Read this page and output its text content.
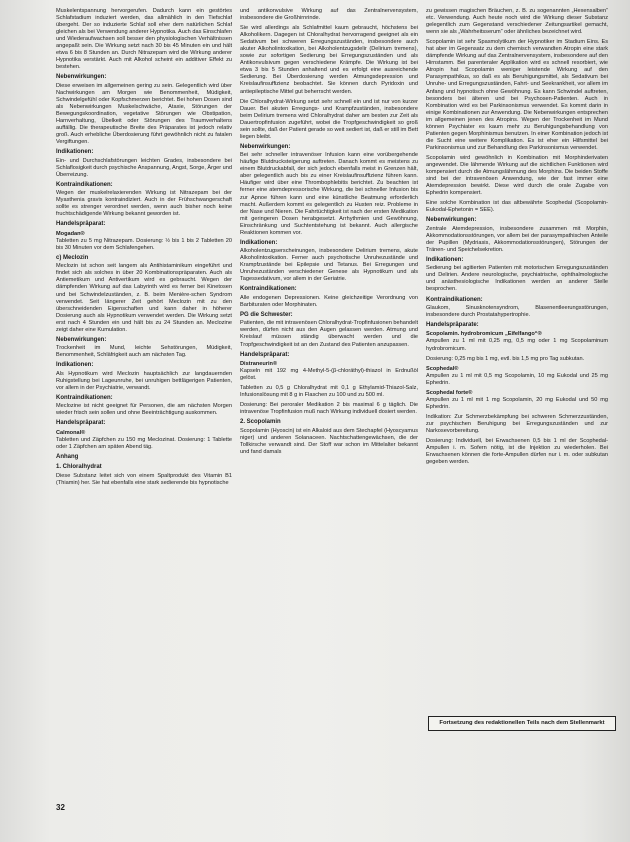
Muskelentspannung hervorgerufen. Dadurch kann ein gestörtes Schlafstadium induziert werden, das allmählich in den Tiefschlaf übergeht. Der so induzierte Schlaf soll eher dem natürlichen Schlaf gleichen als bei Verwendung anderer Hypnotika. Auch das Einschlafen und Wiederaufwachsen soll besser den physiologischen Verhältnissen angepaßt sein. Die Wirkung setzt nach 30 bis 45 Minuten ein und hält etwa 6 bis 8 Stunden an. Durch Nitrazepam wird die Wirkung anderer Hypnotika verstärkt. Auch mit Alkohol scheint ein additiver Effekt zu bestehen.

Nebenwirkungen:

Diese erweisen im allgemeinen gering zu sein. Gelegentlich wird über Nachwirkungen am Morgen wie Benommenheit, Müdigkeit, Schwindelgefühl oder Kopfschmerzen berichtet. Bei hohen Dosen sind als Nebenwirkungen Muskelschwäche, Ataxie, Störungen der Bewegungskoordination, vegetative Störungen wie Obstipation, Harnverhaltung, Übelkeit oder Störungen des Traumverhaltens auffällig. Die therapeutische Breite des Präparates ist jedoch relativ groß. Auch erhebliche Überdosierung führt gewöhnlich nicht zu fatalen Vergiftungen.

Indikationen:

Ein- und Durchschlafstörungen leichten Grades, insbesondere bei Schlaflosigkeit durch psychische Anspannung, Angst, Sorge, Ärger und Überreizung.

Kontraindikationen:

Wegen der muskelrelaxierenden Wirkung ist Nitrazepam bei der Myasthenia gravis kontraindiziert. Auch in der Frühschwangerschaft sollte es strenger verordnet werden, wenn auch bisher noch keine fruchtschädigende Wirkung bekannt geworden ist.

Handelspräparat:
Mogadan®

Tabletten zu 5 mg Nitrazepam. Dosierung: ½ bis 1 bis 2 Tabletten 20 bis 30 Minuten vor dem Schlafengehen.

c) Meclozin

Meclozin ist schon seit langem als Antihistaminikum eingeführt und findet sich als solches in über 20 Kombinationspräparaten. Auch als Antiemetikum und Antivertikum wird es gebraucht. Wegen der dämpfenden Wirkung auf das Labyrinth wird es ferner bei Kinetosen und bei Schwindelzuständen, z. B. beim Menière-schen Syndrom verwendet. Seit längerer Zeit gehört Meclozin mit zu den überschneidenden Eigenschaften und kann daher in höherer Dosierung auch als Hypnotikum verwendet werden. Die Wirkung setzt erst nach 4 Stunden ein und hält bis zu 24 Stunden an. Meclozine zeigt daher eine Kumulation.

Nebenwirkungen:

Trockenheit im Mund, leichte Sehstörungen, Müdigkeit, Benommenheit, Schläfrigkeit auch am nächsten Tag.

Indikationen:

Als Hypnotikum wird Meclozin hauptsächlich zur langdauernden Ruhigstellung bei Lageunruhe, bei unruhigen bettlägerigen Patienten, vor allem in der Psychiatrie, verwandt.

Kontraindikationen:

Meclozine ist nicht geeignet für Personen, die am nächsten Morgen wieder frisch sein sollen und ohne Beeinträchtigung auskommen.

Handelspräparat:
Calmonal®

Tabletten und Zäpfchen zu 150 mg Meclozinat. Dosierung: 1 Tablette oder 1 Zäpfchen am späten Abend täg.

Anhang
1. Chloralhydrat

Diese Substanz leitet sich von einem Spaltprodukt des Vitamin B1 (Thiamin) her. Sie hat ebenfalls eine stark sedierende bis hypnotische

und antikonvulsive Wirkung auf das Zentralnervensystem, insbesondere die Großhirnrinde.

Sie wird allerdings als Schlafmittel kaum gebraucht, höchstens bei Alkoholikern. Dagegen ist Chloralhydrat hervorragend geeignet als ein Sedativum bei schweren Erregungszuständen, insbesondere auch akuter Alkoholintoxikation, bei Alkoholentzugsdelir (Delirium tremens), sowie zur sofortigen Sedierung bei Erregungszuständen und als Antikonvulsivum gegen verschiedene Krämpfe. Die Wirkung ist bei etwa 3 bis 5 Stunden anhaltend und es erfolgt eine ausreichende Sedierung. Bei Überdosierung werden Atmungsdepression und Kreislaufinsuffizienz beobachtet. Sie können durch Pyridoxin und antiepileptische Mittel gut beherrscht werden.

Die Chloralhydrat-Wirkung setzt sehr schnell ein und ist nur von kurzer Dauer. Bei akuten Erregungs- und Krampfzuständen, insbesondere beim Delirium tremens wird Chloralhydrat daher am besten zur Zeit als Dauertropfinfusion zugeführt, wobei die Tropfgeschwindigkeit so groß sein sollte, daß der Patient gerade so weit sediert ist, daß er still im Bett liegen bleibt.

Nebenwirkungen:

Bei sehr schneller intravenöser Infusion kann eine vorübergehende häufige Blutdrucksteigerung auftreten. Danach kommt es meistens zu einem Blutdruckabfall, der sich jedoch ebenfalls meist in Grenzen hält, aber gelegentlich auch bis zu einer Kreislaufinsuffizienz führen kann. Häufiger wird über eine Thrombophlebitis berichtet. Zu beachten ist ferner eine atemdepressorische Wirkung, die bei schneller Infusion bis zur Apnoe führen kann und eine künstliche Beatmung erforderlich macht. Außerdem kommt es gelegentlich zu Husten reiz. Probleme in der Nase und Nieren. Die Fahrtüchtigkeit ist nach der ersten Medikation mit geringeren Dosen herabgesetzt. Arrhythmien und Gewöhnung, Einschränkung und Suchtentstehung ist bekannt. Auch allergische Reaktionen kommen vor.

Indikationen:

Alkoholentzugserscheinungen, insbesondere Delirium tremens, akute Alkoholintoxikation. Ferner auch psychotische Unruhezustände und Krampfzustände bei Epilepsie und Tetanus. Bei Erregungen und Unruhezuständen verschiedener Genese als Hypnotikum und als Tagessedativum, vor allem in der Geriatrie.

Kontraindikationen:

Alle endogenen Depressionen. Keine gleichzeitige Verordnung von Barbituraten oder Morphinaten.

PG die Schwester:

Patienten, die mit intravenösen Chloralhydrat-Tropfinfusionen behandelt werden, dürfen nicht aus den Augen gelassen werden. Atmung und Kreislauf müssen ständig überwacht werden und die Tropfgeschwindigkeit ist an den Zustand des Patienten anzupassen.

Handelspräparat:
Distraneurin®

Kapseln mit 192 mg 4-Methyl-5-(β-chloräthyl)-thiazol in Erdnußöl gelöst.

Tabletten zu 0,5 g Chloralhydrat mit 0,1 g Ethylamid-Thiazol-Salz, Infusionslösung mit 8 g in Flaschen zu 100 und zu 500 ml.

Dosierung: Bei peroraler Medikation 2 bis maximal 6 g täglich. Die intravenöse Tropfinfusion muß nach Wirkung individuell dosiert werden.

2. Scopolamin

Scopolamin (Hyoscin) ist ein Alkaloid aus dem Stechapfel (Hyoscyamus niger) und anderen Solanaceen. Nachtschattengewächsen, die der Tollkirsche verwandt sind. Der Stoff war schon im Mittelalter bekannt und fand damals

zu gewissen magischen Bräuchen, z. B. zu sogenannten „Hexensalben“ etc. Verwendung. Auch heute noch wird die Wirkung dieser Substanz gelegentlich zum Gegenstand verschiedener Zeitungsartikel gemacht, wenn sie als „Wahrheitsserum“ oder ähnliches bezeichnet wird.

Scopolamin ist sehr Spasmolytikum der Hypnotiker im Stadium Eins. Es hat aber im Gegensatz zu dem chemisch verwandten Atropin eine stark dämpfende Wirkung auf das Zentralnervensystem, insbesondere auf den Hirnstamm. Bei parenteraler Applikation wird es schnell resorbiert, wie Atropin hat Scopolamin weniger leistende Wirkung auf den Parasympathikus, so daß es als Beruhigungsmittel, als Sedativum bei Unruhe- und Erregungszuständen, Fahrt- und Seekrankheit, vor allem im Anfang und hypnotisch ohne Gewöhnung. Es kann Schwindel auftreten, besonders bei älteren und bei Psychosen-Patienten. Auch in Kombination wird es bei Parkinsonismus verwendet. Es kommt darin in einige Kombinationen zur Anwendung. Die Nebenwirkungen entsprechen im allgemeinen jenen des Atropins. Wegen der Trockenheit im Mund können Psychiater es kaum mehr zu Beruhigungsbehandlung von Patienten gegen Morphinismus benutzen. In einer Kombination jedoch ist die Sucht eine weitere Komplikation. Es ist eher ein Hilfsmittel bei Parkinsonismus und zur Behandlung des Parkinsonismus verwendet.

Scopolamin wird gewöhnlich in Kombination mit Morphinderivaten angewendet. Die lähmende Wirkung auf die sichtlichen Funktionen wird kompensiert durch die Atmungslähmung des Morphins. Die beiden Stoffe sind bei der intravenösen Anwendung, wie der fast immer eine Atemdepression bewirkt. Diese wird durch die orale Zugabe von Ephedrin kompensiert.

Eine solche Kombination ist das altbewährte Scophedal (Scopolamin-Eukodal-Ephetonin = SEE).

Nebenwirkungen:

Zentrale Atemdepression, insbesondere zusammen mit Morphin, Akkommodationsstörungen, vor allem bei der parasympathischen Anteile der Pupillen (Mydriasis, Akkommodationsstörungen), Störungen der Tränen- und Speichelsekretion.

Indikationen:

Sedierung bei agitierten Patienten mit motorischen Erregungszuständen und Delirien. Andere neurologische, psychiatrische, ophthalmologische und anästhesiologische Indikationen werden an anderer Stelle besprochen.

Kontraindikationen:

Glaukom, Sinusknotensyndrom, Blasenentleerungsstörungen, insbesondere durch Prostatahypertrophie.

Handelspräparate:
Scopolamin. hydrobromicum „Eifelfango“®

Ampullen zu 1 ml mit 0,25 mg, 0,5 mg oder 1 mg Scopolaminum hydrobromicum.

Dosierung: 0,25 mg bis 1 mg, evtl. bis 1,5 mg pro Tag subkutan.

Scophedal®

Ampullen zu 1 ml mit 0,5 mg Scopolamin, 10 mg Eukodal und 25 mg Ephedrin.

Scophedal forte®

Ampullen zu 1 ml mit 1 mg Scopolamin, 20 mg Eukodal und 50 mg Ephedrin.

Indikation: Zur Schmerzbekämpfung bei schweren Schmerzzuständen, zur psychischen Beruhigung bei Erregungszuständen und zur Narkosevorbereitung.

Dosierung: Individuell, bei Erwachsenen 0,5 bis 1 ml der Scophedal-Ampullen i. m. Sofern nötig, ist die Injektion zu wiederholen. Bei Erwachsenen können die forte-Ampullen dürfen nur i. m. oder subkutan gegeben werden.

Fortsetzung des redaktionellen Teils nach dem Stellenmarkt
32
